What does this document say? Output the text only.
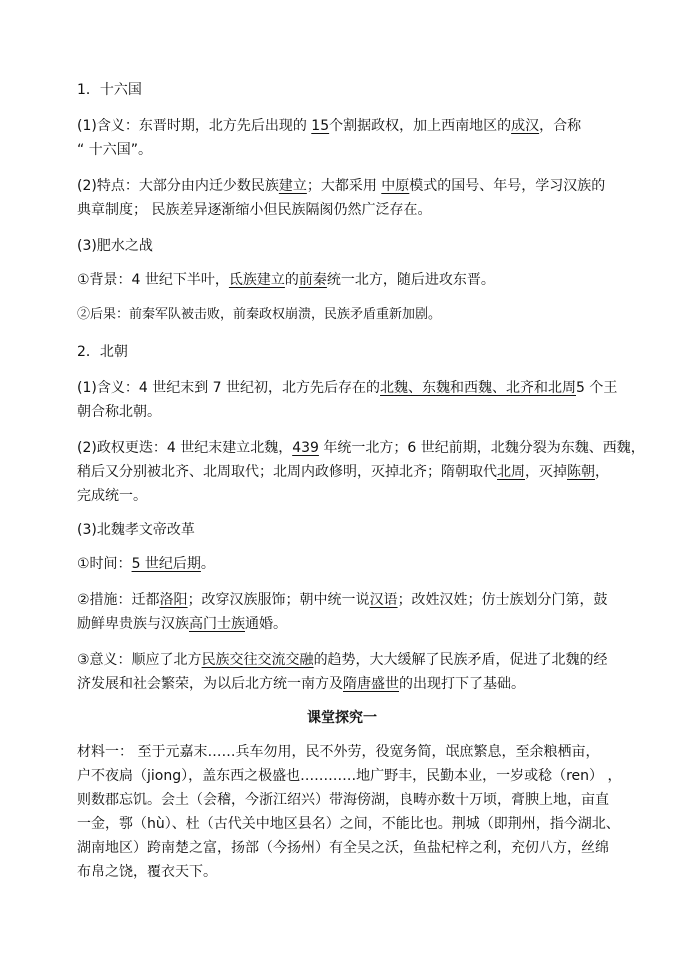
1．十六国
(1)含义：东晋时期，北方先后出现的 15个割据政权，加上西南地区的成汉，合称
“ 十六国”。
(2)特点：大部分由内迁少数民族建立；大都采用 中原模式的国号、年号，学习汉族的
典章制度； 民族差异逐渐缩小但民族隔阂仍然广泛存在。
(3)肥水之战
①背景：4 世纪下半叶，氐族建立的前秦统一北方，随后进攻东晋。
②后果：前秦军队被击败，前秦政权崩溃，民族矛盾重新加剧。
2．北朝
(1)含义：4 世纪末到 7 世纪初，北方先后存在的北魏、东魏和西魏、北齐和北周5 个王
朝合称北朝。
(2)政权更迭：4 世纪末建立北魏，439 年统一北方；6 世纪前期，北魏分裂为东魏、西魏，
稍后又分别被北齐、北周取代；北周内政修明，灭掉北齐；隋朝取代北周，灭掉陈朝，
完成统一。
(3)北魏孝文帝改革
①时间：5 世纪后期。
②措施：迁都洛阳；改穿汉族服饰；朝中统一说汉语；改姓汉姓；仿士族划分门第，鼓
励鲜卑贵族与汉族高门士族通婚。
③意义：顺应了北方民族交往交流交融的趋势，大大缓解了民族矛盾，促进了北魏的经
济发展和社会繁荣，为以后北方统一南方及隋唐盛世的出现打下了基础。
课堂探究一
材料一： 至于元嘉末……兵车勿用，民不外劳，役宽务简，氓庶繁息，至余粮栖亩，
户不夜扃（jiong），盖东西之极盛也…………地广野丰，民勤本业，一岁或稔（ren） ，
则数郡忘饥。会土（会稽，今浙江绍兴）带海傍湖，良畴亦数十万顷，膏腴上地，亩直
一金，鄠（hù）、杜（古代关中地区县名）之间，不能比也。荆城（即荆州，指今湖北、
湖南地区）跨南楚之富，扬部（今扬州）有全吴之沃，鱼盐杞梓之利，充仞八方，丝绵
布帛之饶，覆衣天下。
